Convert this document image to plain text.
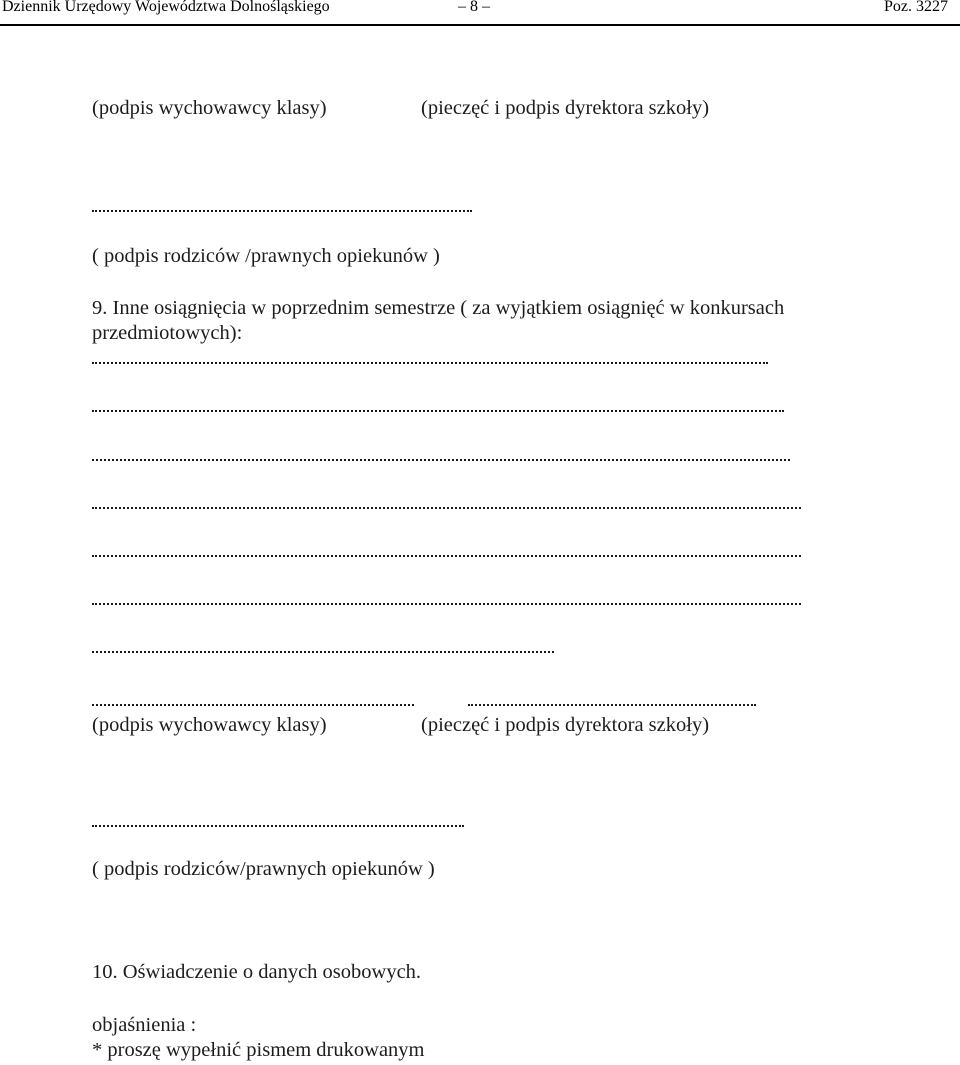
Dziennik Urzędowy Województwa Dolnośląskiego	– 8 –	Poz. 3227
(podpis wychowawcy klasy)	(pieczęć i podpis dyrektora szkoły)
( podpis rodziców /prawnych opiekunów )
9. Inne osiągnięcia w poprzednim semestrze ( za wyjątkiem osiągnięć w konkursach
przedmiotowych):
(podpis wychowawcy klasy)	(pieczęć i podpis dyrektora szkoły)
( podpis rodziców/prawnych opiekunów )
10. Oświadczenie o danych osobowych.
objaśnienia :
* proszę wypełnić pismem drukowanym
